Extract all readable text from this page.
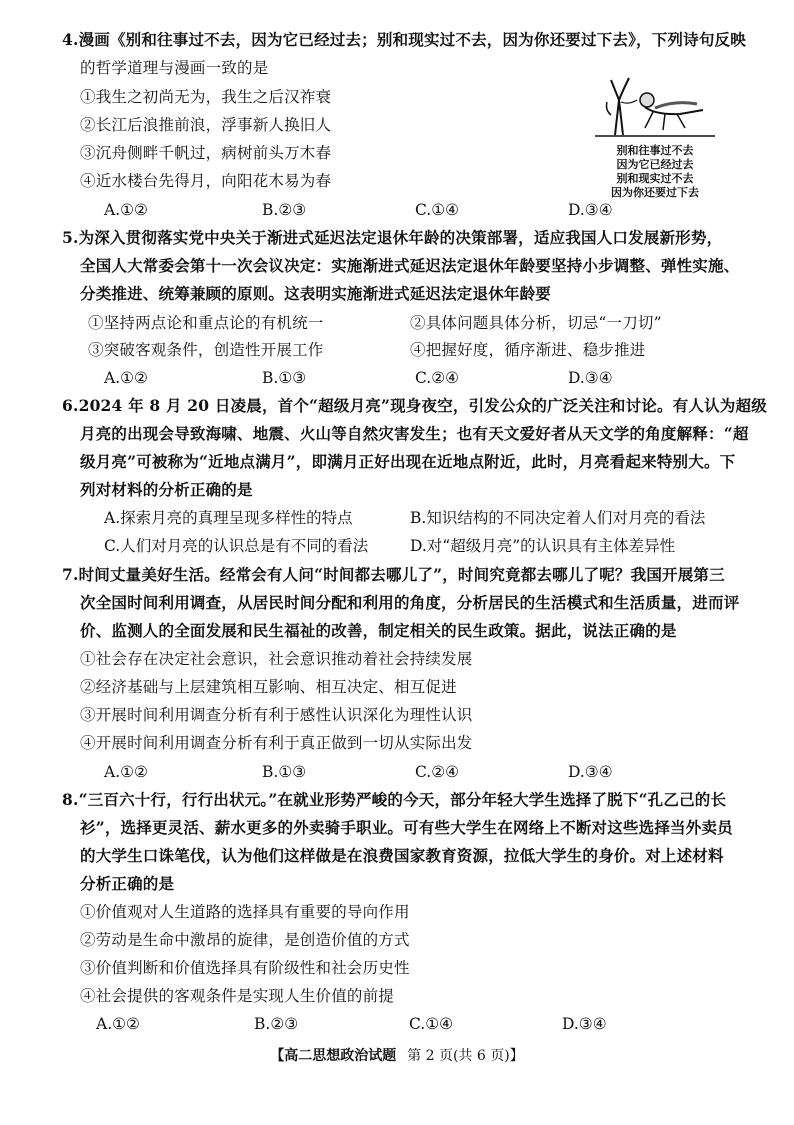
4.漫画《别和往事过不去，因为它已经过去；别和现实过不去，因为你还要过下去》，下列诗句反映
的哲学道理与漫画一致的是
①我生之初尚无为，我生之后汉祚衰
②长江后浪推前浪，浮事新人换旧人
③沉舟侧畔千帆过，病树前头万木春
④近水楼台先得月，向阳花木易为春
A.①②	B.②③	C.①④	D.③④
别和往事过不去
因为它已经过去
别和现实过不去
因为你还要过下去
5.为深入贯彻落实党中央关于渐进式延迟法定退休年龄的决策部署，适应我国人口发展新形势，
全国人大常委会第十一次会议决定：实施渐进式延迟法定退休年龄要坚持小步调整、弹性实施、
分类推进、统筹兼顾的原则。这表明实施渐进式延迟法定退休年龄要
①坚持两点论和重点论的有机统一	②具体问题具体分析，切忌“一刀切”
③突破客观条件，创造性开展工作	④把握好度，循序渐进、稳步推进
A.①②	B.①③	C.②④	D.③④
6.2024 年 8 月 20 日凌晨，首个“超级月亮”现身夜空，引发公众的广泛关注和讨论。有人认为超级
月亮的出现会导致海啸、地震、火山等自然灾害发生；也有天文爱好者从天文学的角度解释：“超
级月亮”可被称为“近地点满月”，即满月正好出现在近地点附近，此时，月亮看起来特别大。下
列对材料的分析正确的是
A.探索月亮的真理呈现多样性的特点	B.知识结构的不同决定着人们对月亮的看法
C.人们对月亮的认识总是有不同的看法	D.对“超级月亮”的认识具有主体差异性
7.时间丈量美好生活。经常会有人问“时间都去哪儿了”，时间究竟都去哪儿了呢？我国开展第三
次全国时间利用调查，从居民时间分配和利用的角度，分析居民的生活模式和生活质量，进而评
价、监测人的全面发展和民生福祉的改善，制定相关的民生政策。据此，说法正确的是
①社会存在决定社会意识，社会意识推动着社会持续发展
②经济基础与上层建筑相互影响、相互决定、相互促进
③开展时间利用调查分析有利于感性认识深化为理性认识
④开展时间利用调查分析有利于真正做到一切从实际出发
A.①②	B.①③	C.②④	D.③④
8.“三百六十行，行行出状元。”在就业形势严峻的今天，部分年轻大学生选择了脱下“孔乙己的长
衫”，选择更灵活、薪水更多的外卖骑手职业。可有些大学生在网络上不断对这些选择当外卖员
的大学生口诛笔伐，认为他们这样做是在浪费国家教育资源，拉低大学生的身价。对上述材料
分析正确的是
①价值观对人生道路的选择具有重要的导向作用
②劳动是生命中激昂的旋律，是创造价值的方式
③价值判断和价值选择具有阶级性和社会历史性
④社会提供的客观条件是实现人生价值的前提
A.①②	B.②③	C.①④	D.③④
【高二思想政治试题 第 2 页(共 6 页)】
